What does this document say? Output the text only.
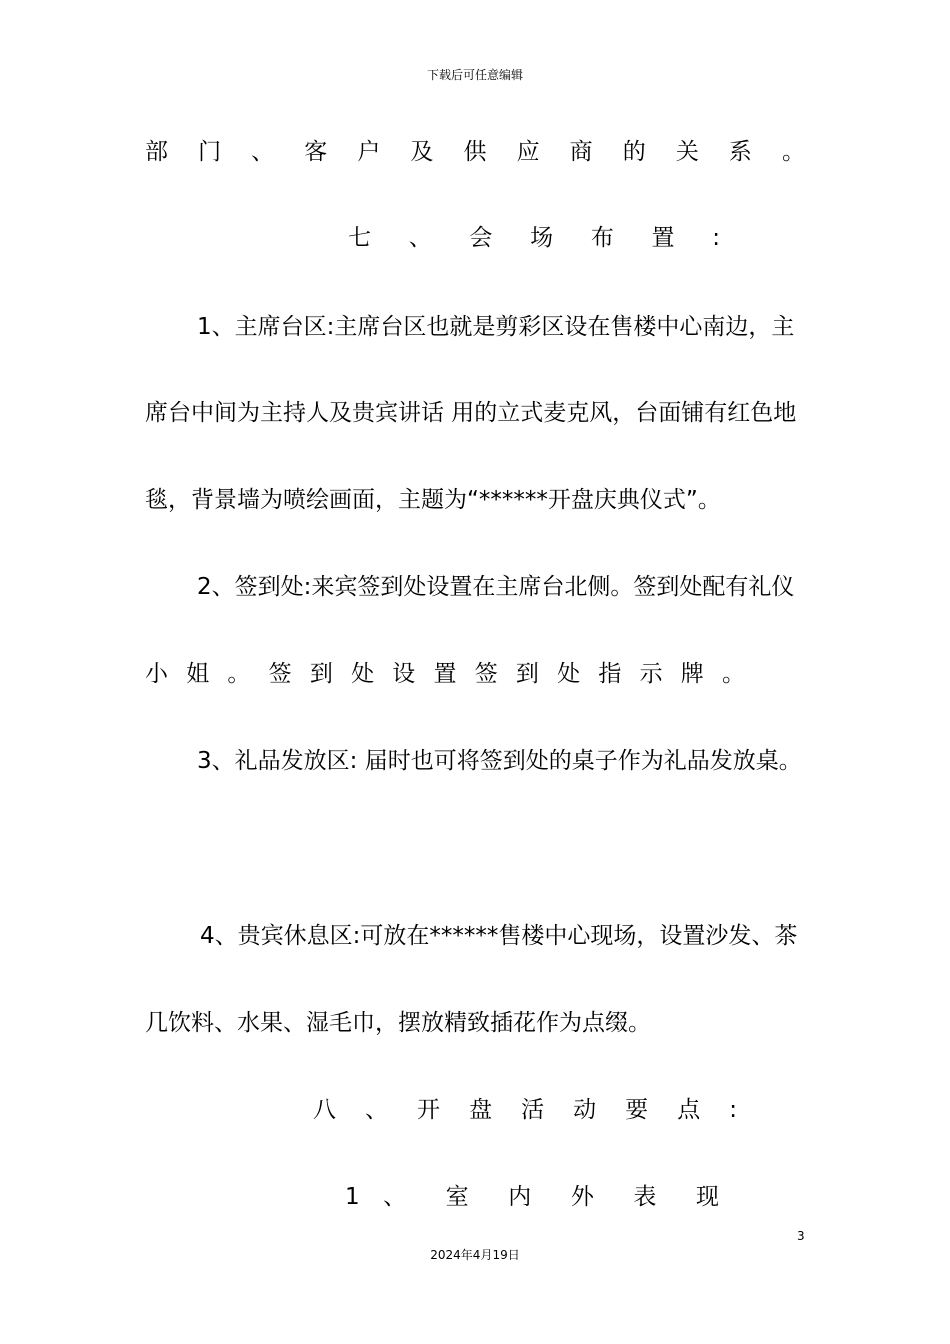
下载后可任意编辑
部 门 、 客 户 及 供 应 商 的 关 系 。
七 、 会 场 布 置 :
1、主席台区:主席台区也就是剪彩区设在售楼中心南边，主
席台中间为主持人及贵宾讲话 用的立式麦克风，台面铺有红色地
毯，背景墙为喷绘画面，主题为“******开盘庆典仪式”。
2、签到处:来宾签到处设置在主席台北侧。签到处配有礼仪
小 姐 。 签 到 处 设 置 签 到 处 指 示 牌 。
3、礼品发放区: 届时也可将签到处的桌子作为礼品发放桌。
4、贵宾休息区:可放在******售楼中心现场，设置沙发、茶
几饮料、水果、湿毛巾，摆放精致插花作为点缀。
八 、 开 盘 活 动 要 点 :
1 、 室 内 外 表 现
3
2024年4月19日
